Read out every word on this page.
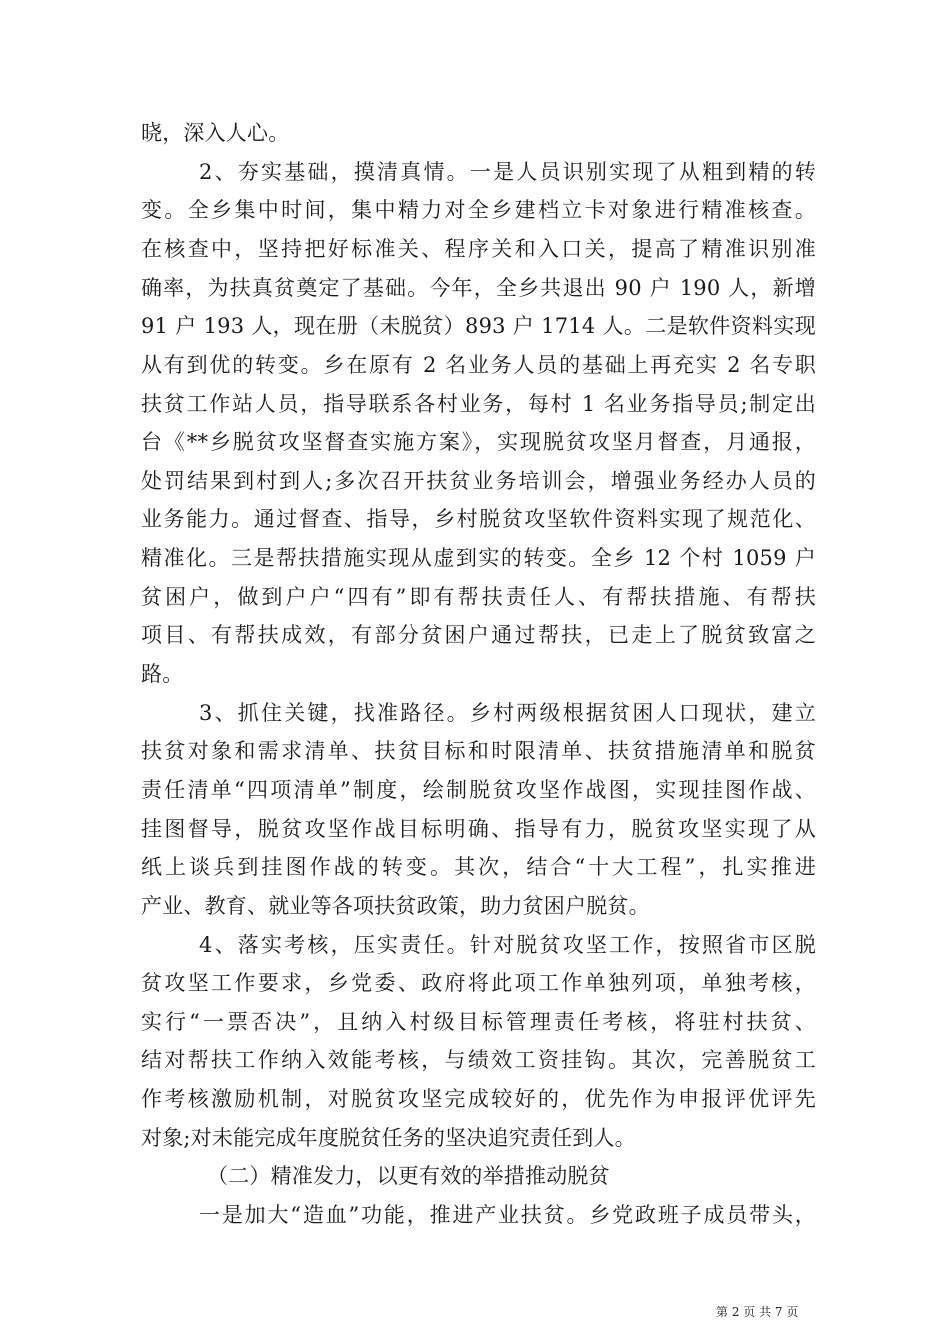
晓，深入人心。
2、夯实基础，摸清真情。一是人员识别实现了从粗到精的转
变。全乡集中时间，集中精力对全乡建档立卡对象进行精准核查。
在核查中，坚持把好标准关、程序关和入口关，提高了精准识别准
确率，为扶真贫奠定了基础。今年，全乡共退出 90 户 190 人，新增
91 户 193 人，现在册（未脱贫）893 户 1714 人。二是软件资料实现
从有到优的转变。乡在原有 2 名业务人员的基础上再充实 2 名专职
扶贫工作站人员，指导联系各村业务，每村 1 名业务指导员;制定出
台《**乡脱贫攻坚督查实施方案》，实现脱贫攻坚月督查，月通报，
处罚结果到村到人;多次召开扶贫业务培训会，增强业务经办人员的
业务能力。通过督查、指导，乡村脱贫攻坚软件资料实现了规范化、
精准化。三是帮扶措施实现从虚到实的转变。全乡 12 个村 1059 户
贫困户，做到户户“四有”即有帮扶责任人、有帮扶措施、有帮扶
项目、有帮扶成效，有部分贫困户通过帮扶，已走上了脱贫致富之
路。
3、抓住关键，找准路径。乡村两级根据贫困人口现状，建立
扶贫对象和需求清单、扶贫目标和时限清单、扶贫措施清单和脱贫
责任清单“四项清单”制度，绘制脱贫攻坚作战图，实现挂图作战、
挂图督导，脱贫攻坚作战目标明确、指导有力，脱贫攻坚实现了从
纸上谈兵到挂图作战的转变。其次，结合“十大工程”，扎实推进
产业、教育、就业等各项扶贫政策，助力贫困户脱贫。
4、落实考核，压实责任。针对脱贫攻坚工作，按照省市区脱
贫攻坚工作要求，乡党委、政府将此项工作单独列项，单独考核，
实行“一票否决”，且纳入村级目标管理责任考核，将驻村扶贫、
结对帮扶工作纳入效能考核，与绩效工资挂钩。其次，完善脱贫工
作考核激励机制，对脱贫攻坚完成较好的，优先作为申报评优评先
对象;对未能完成年度脱贫任务的坚决追究责任到人。
（二）精准发力，以更有效的举措推动脱贫
一是加大“造血”功能，推进产业扶贫。乡党政班子成员带头，
第 2 页 共 7 页
